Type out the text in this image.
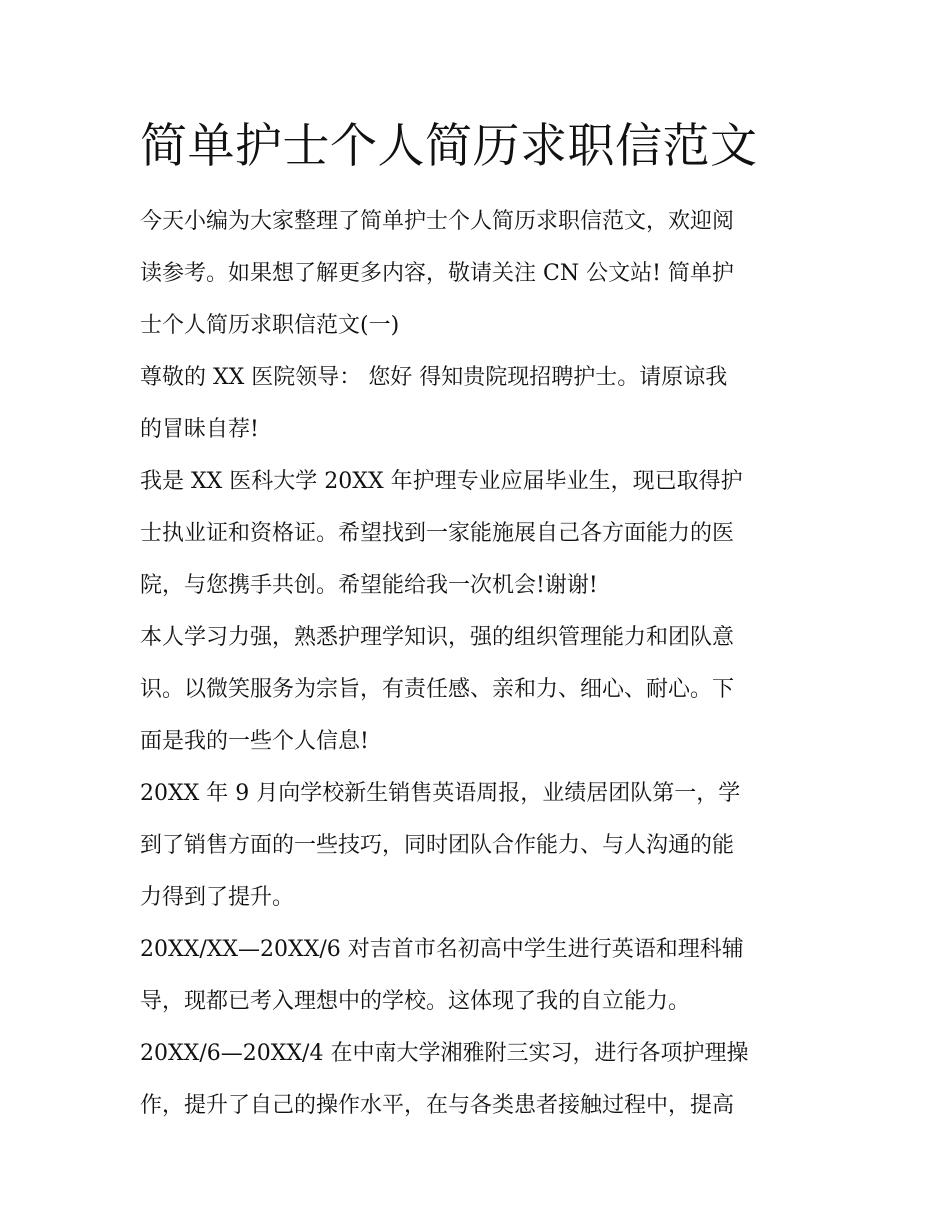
简单护士个人简历求职信范文
今天小编为大家整理了简单护士个人简历求职信范文，欢迎阅
读参考。如果想了解更多内容，敬请关注 CN 公文站! 简单护
士个人简历求职信范文(一)
尊敬的 XX 医院领导： 您好 得知贵院现招聘护士。请原谅我
的冒昧自荐!
我是 XX 医科大学 20XX 年护理专业应届毕业生，现已取得护
士执业证和资格证。希望找到一家能施展自己各方面能力的医
院，与您携手共创。希望能给我一次机会!谢谢!
本人学习力强，熟悉护理学知识，强的组织管理能力和团队意
识。以微笑服务为宗旨，有责任感、亲和力、细心、耐心。下
面是我的一些个人信息!
20XX 年 9 月向学校新生销售英语周报，业绩居团队第一，学
到了销售方面的一些技巧，同时团队合作能力、与人沟通的能
力得到了提升。
20XX/XX—20XX/6 对吉首市名初高中学生进行英语和理科辅
导，现都已考入理想中的学校。这体现了我的自立能力。
20XX/6—20XX/4 在中南大学湘雅附三实习，进行各项护理操
作，提升了自己的操作水平，在与各类患者接触过程中，提高
